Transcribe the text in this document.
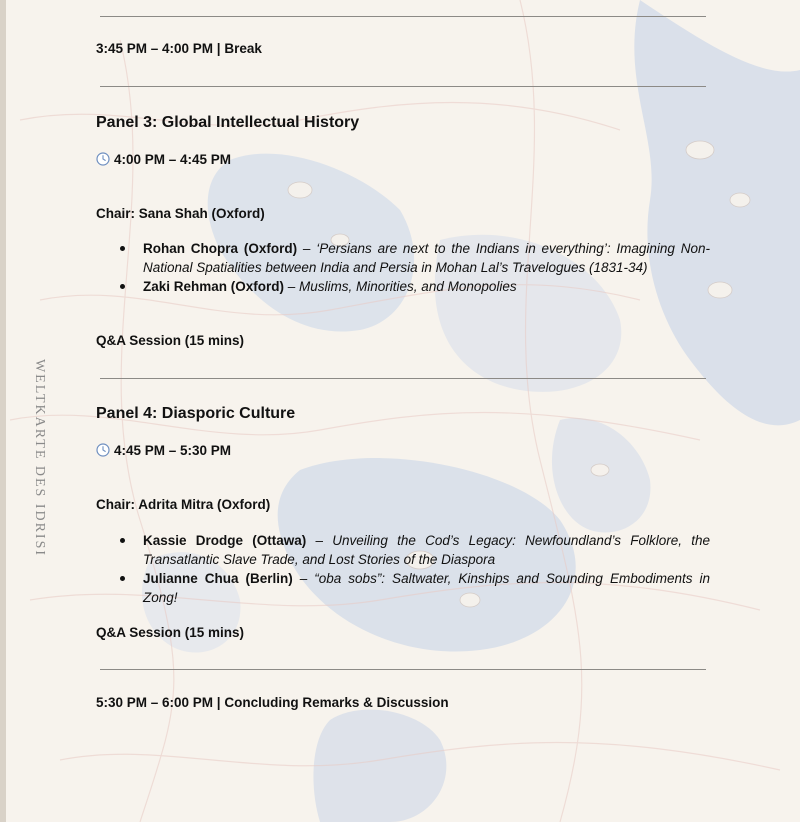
WELTKARTE DES IDRISI
3:45 PM – 4:00 PM | Break
Panel 3: Global Intellectual History
4:00 PM – 4:45 PM
Chair: Sana Shah (Oxford)
Rohan Chopra (Oxford) – ‘Persians are next to the Indians in everything’: Imagining Non-National Spatialities between India and Persia in Mohan Lal’s Travelogues (1831-34)
Zaki Rehman (Oxford) – Muslims, Minorities, and Monopolies
Q&A Session (15 mins)
Panel 4: Diasporic Culture
4:45 PM – 5:30 PM
Chair: Adrita Mitra (Oxford)
Kassie Drodge (Ottawa) – Unveiling the Cod’s Legacy: Newfoundland’s Folklore, the Transatlantic Slave Trade, and Lost Stories of the Diaspora
Julianne Chua (Berlin) – “oba sobs”: Saltwater, Kinships and Sounding Embodiments in Zong!
Q&A Session (15 mins)
5:30 PM – 6:00 PM | Concluding Remarks & Discussion
